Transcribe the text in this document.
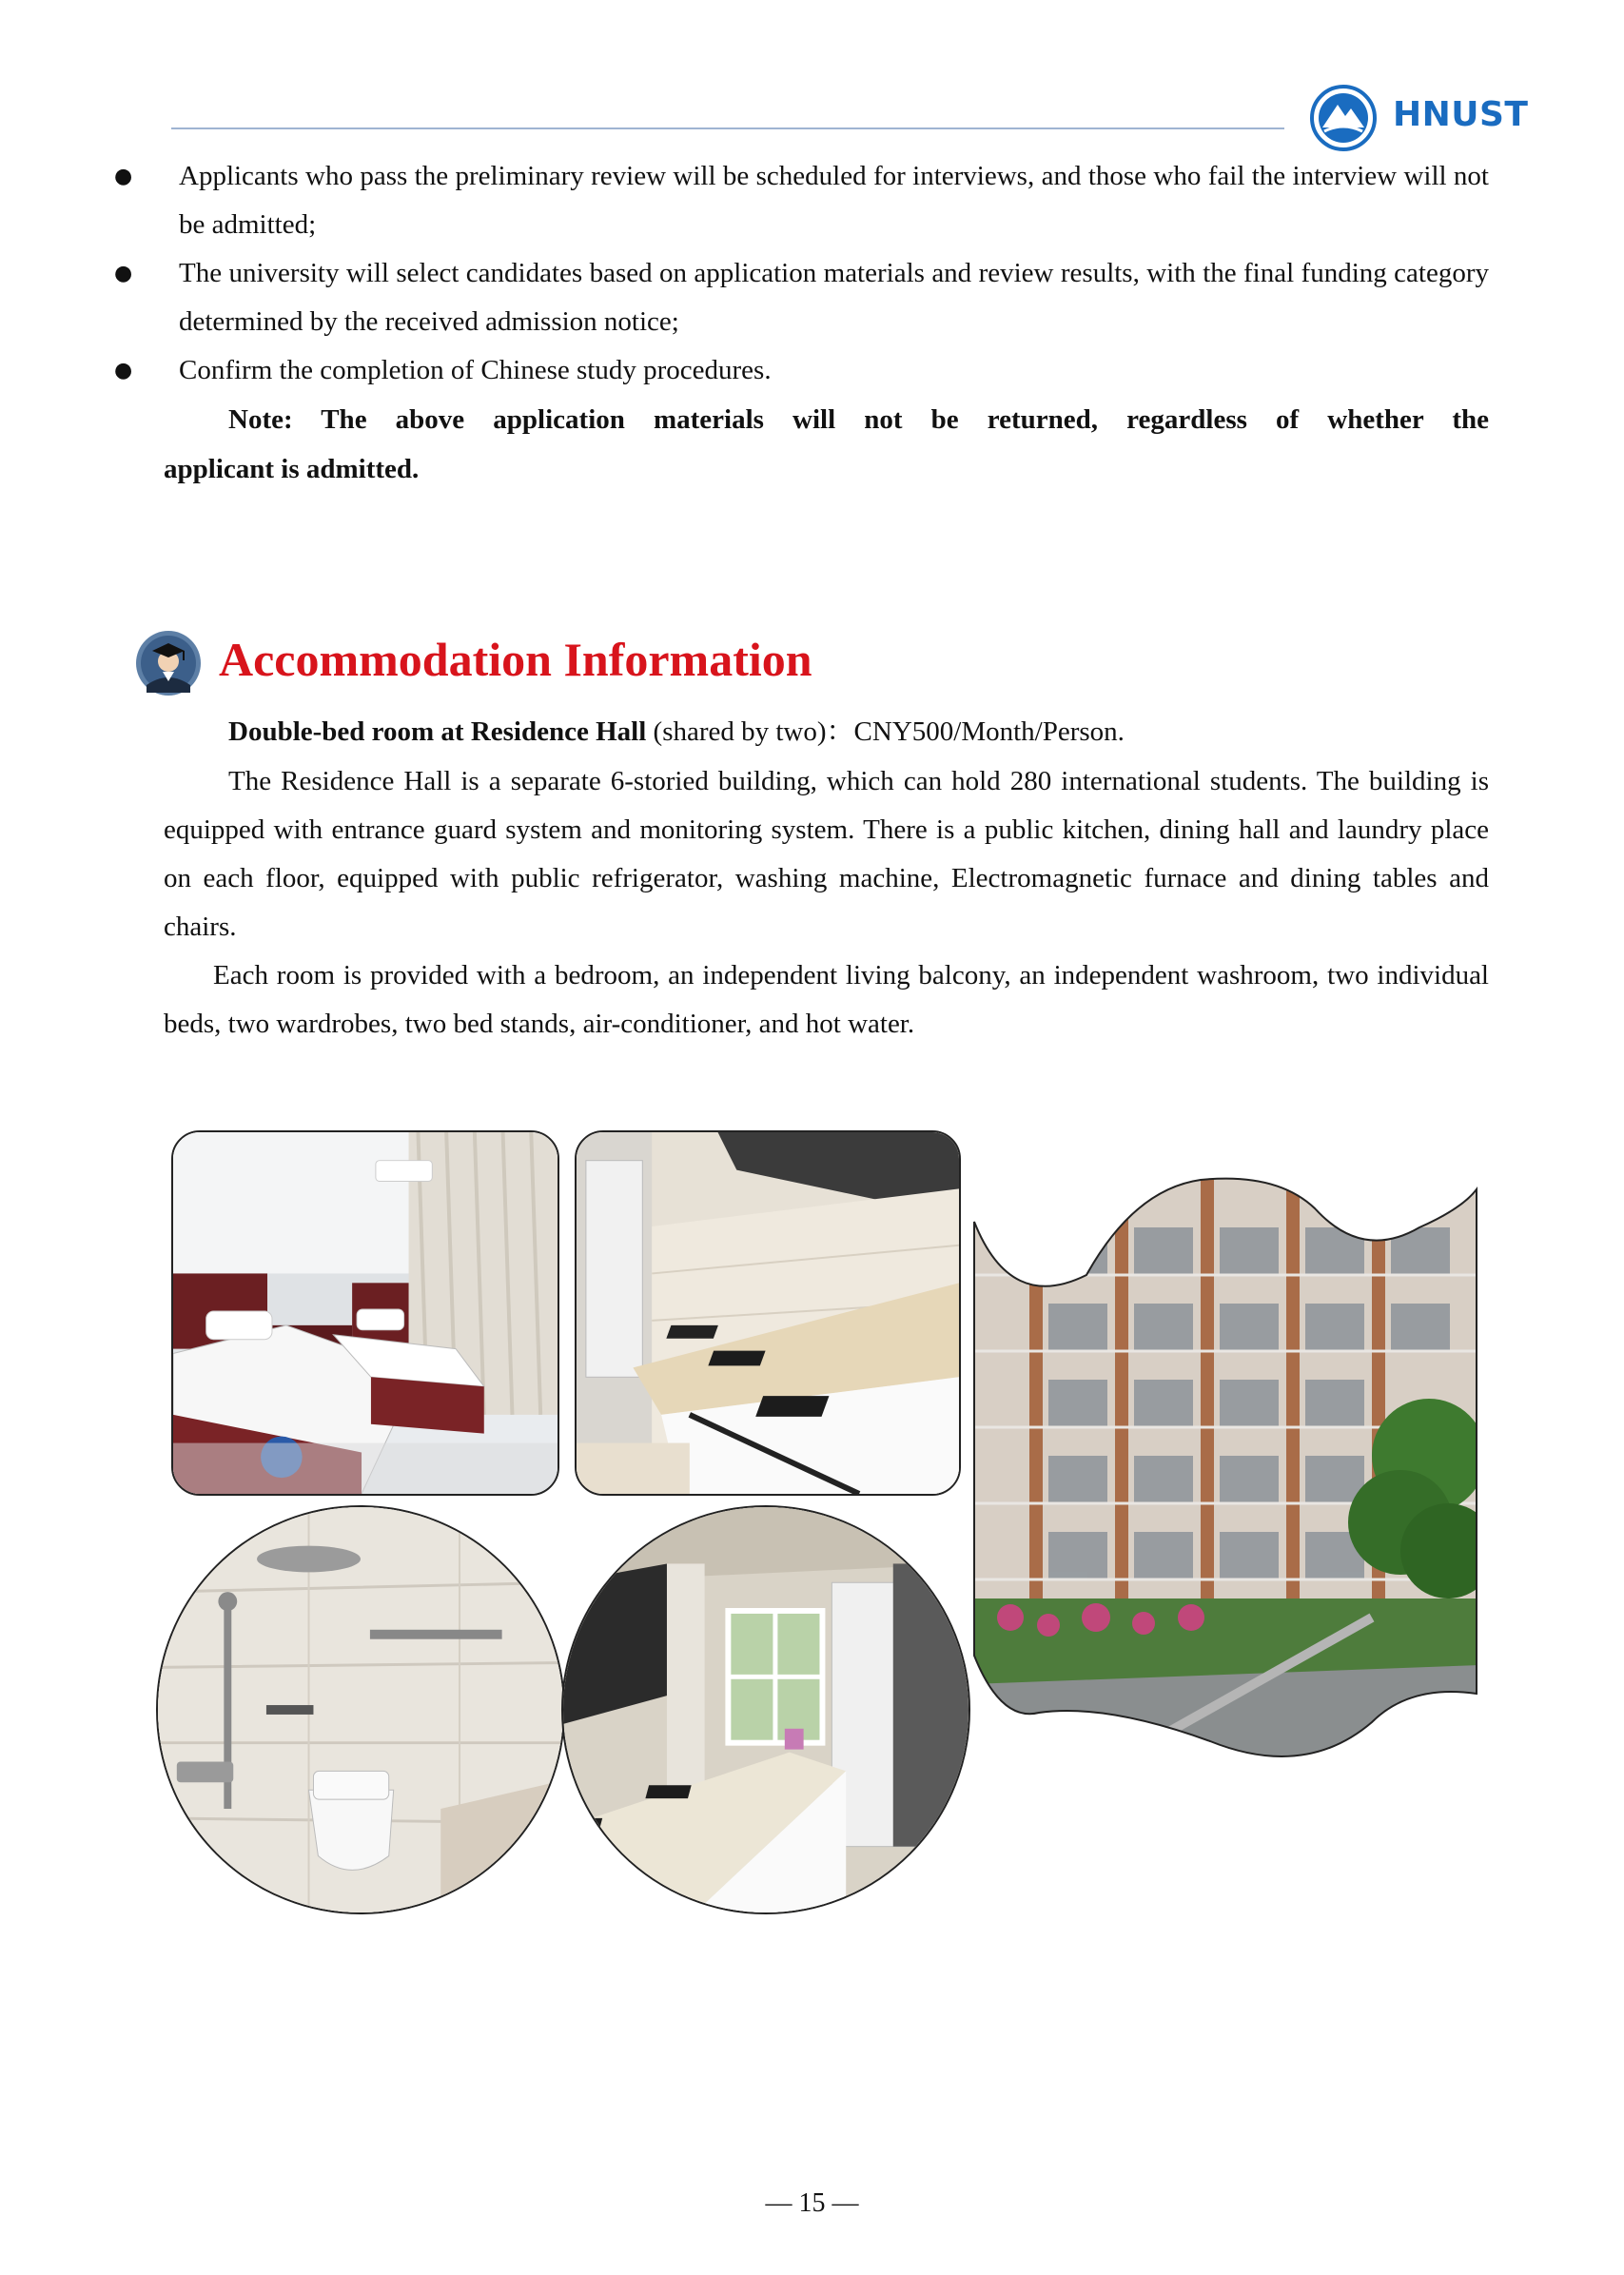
HNUST
● Applicants who pass the preliminary review will be scheduled for interviews, and those who fail the interview will not be admitted;
● The university will select candidates based on application materials and review results, with the final funding category determined by the received admission notice;
● Confirm the completion of Chinese study procedures.
Note: The above application materials will not be returned, regardless of whether the
applicant is admitted.
Accommodation Information
Double-bed room at Residence Hall (shared by two)：CNY500/Month/Person.
The Residence Hall is a separate 6-storied building, which can hold 280 international students. The building is equipped with entrance guard system and monitoring system. There is a public kitchen, dining hall and laundry place on each floor, equipped with public refrigerator, washing machine, Electromagnetic furnace and dining tables and chairs.
Each room is provided with a bedroom, an independent living balcony, an independent washroom, two individual beds, two wardrobes, two bed stands, air-conditioner, and hot water.
— 15 —
